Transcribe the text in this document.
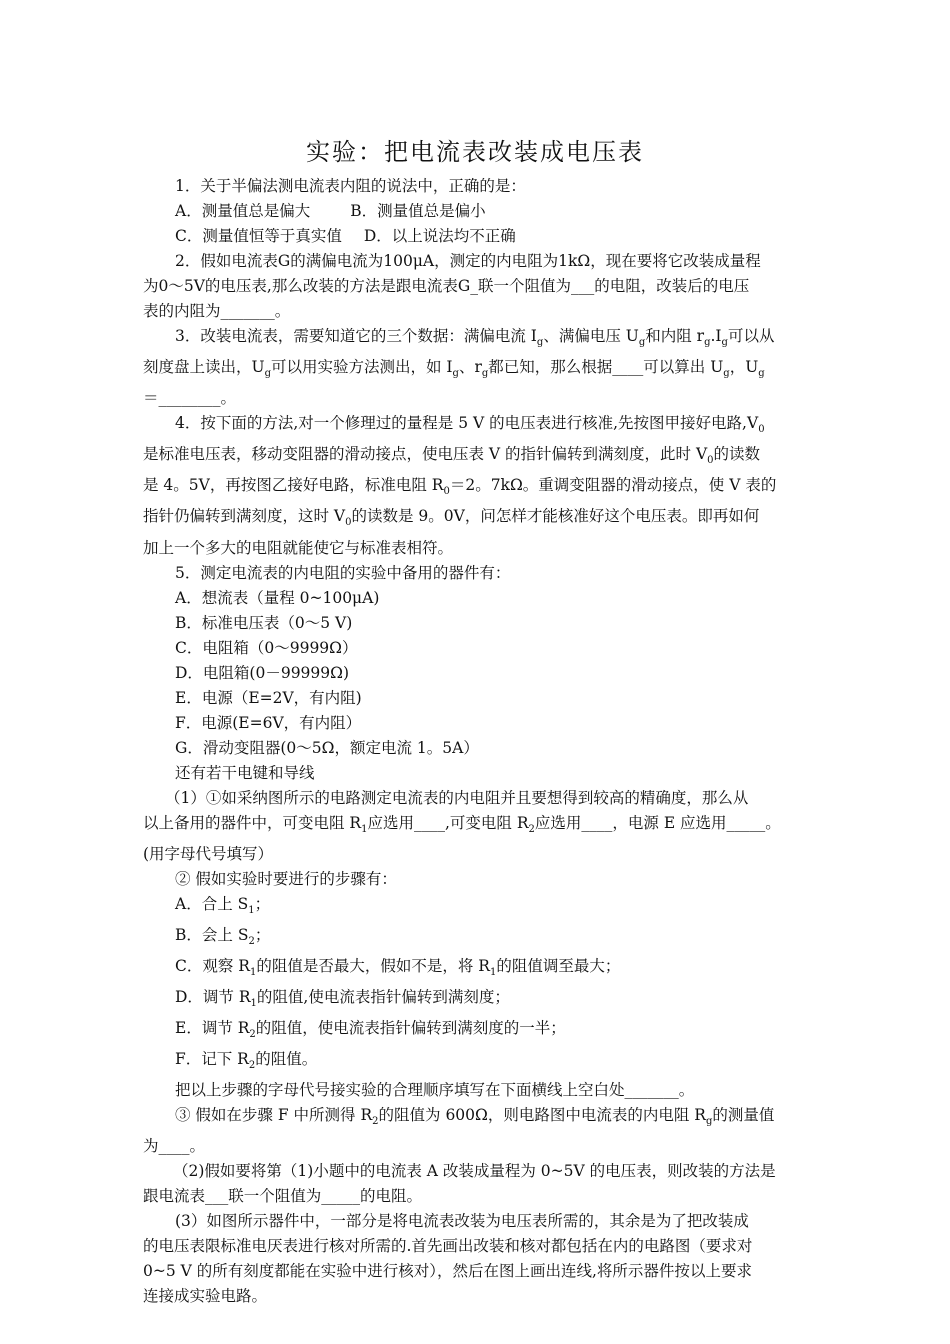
实验：把电流表改装成电压表

1．关于半偏法测电流表内阻的说法中，正确的是：

A．测量值总是偏大	B．测量值总是偏小

C．测量值恒等于真实值 D．以上说法均不正确

2．假如电流表G的满偏电流为100μA，测定的内电阻为1kΩ，现在要将它改装成量程

为0～5V的电压表,那么改装的方法是跟电流表G_联一个阻值为___的电阻，改装后的电压

表的内阻为_______。

3．改装电流表，需要知道它的三个数据：满偏电流 $I_g$、满偏电压 $U_g$和内阻 $r_g.I_g$可以从

刻度盘上读出，$U_g$可以用实验方法测出，如 $I_g$、$r_g$都已知，那么根据____可以算出 $U_g$，$U_g$

＝________。

4．按下面的方法,对一个修理过的量程是 5 V 的电压表进行核准,先按图甲接好电路$,V_0$

是标准电压表，移动变阻器的滑动接点，使电压表 V 的指针偏转到满刻度，此时 $V_0$的读数

是 4。5V，再按图乙接好电路，标准电阻 $R_0=2$。7kΩ。重调变阻器的滑动接点，使 V 表的

指针仍偏转到满刻度，这时 $V_0$的读数是 9。0V，问怎样才能核准好这个电压表。即再如何

加上一个多大的电阻就能使它与标准表相符。

5．测定电流表的内电阻的实验中备用的器件有：

A．想流表（量程 0~100μA)

B．标准电压表（0～5 V)

C．电阻箱（0～9999Ω）

D．电阻箱(0－99999Ω)

E．电源（E=2V，有内阻)

F．电源(E=6V，有内阻）

G．滑动变阻器(0～5Ω，额定电流 1。5A）

还有若干电键和导线

（1）①如采纳图所示的电路测定电流表的内电阻并且要想得到较高的精确度，那么从

以上备用的器件中，可变电阻 $R_1$应选用____,可变电阻 $R_2$应选用____，电源 E 应选用_____。

(用字母代号填写）

② 假如实验时要进行的步骤有：

A．合上 $S_1$；

B．会上 $S_2$；

C．观察 $R_1$的阻值是否最大，假如不是，将 $R_1$的阻值调至最大；

D．调节 $R_1$的阻值,使电流表指针偏转到满刻度；

E．调节 $R_2$的阻值，使电流表指针偏转到满刻度的一半；

F．记下 $R_2$的阻值。

把以上步骤的字母代号接实验的合理顺序填写在下面横线上空白处_______。

③ 假如在步骤 F 中所测得 $R_2$的阻值为 600Ω，则电路图中电流表的内电阻 $R_g$的测量值

为____。

（2)假如要将第（1)小题中的电流表 A 改装成量程为 0~5V 的电压表，则改装的方法是

跟电流表___联一个阻值为_____的电阻。

(3）如图所示器件中，一部分是将电流表改装为电压表所需的，其余是为了把改装成

的电压表限标准电厌表进行核对所需的.首先画出改装和核对都包括在内的电路图（要求对

0~5 V 的所有刻度都能在实验中进行核对），然后在图上画出连线,将所示器件按以上要求

连接成实验电路。
